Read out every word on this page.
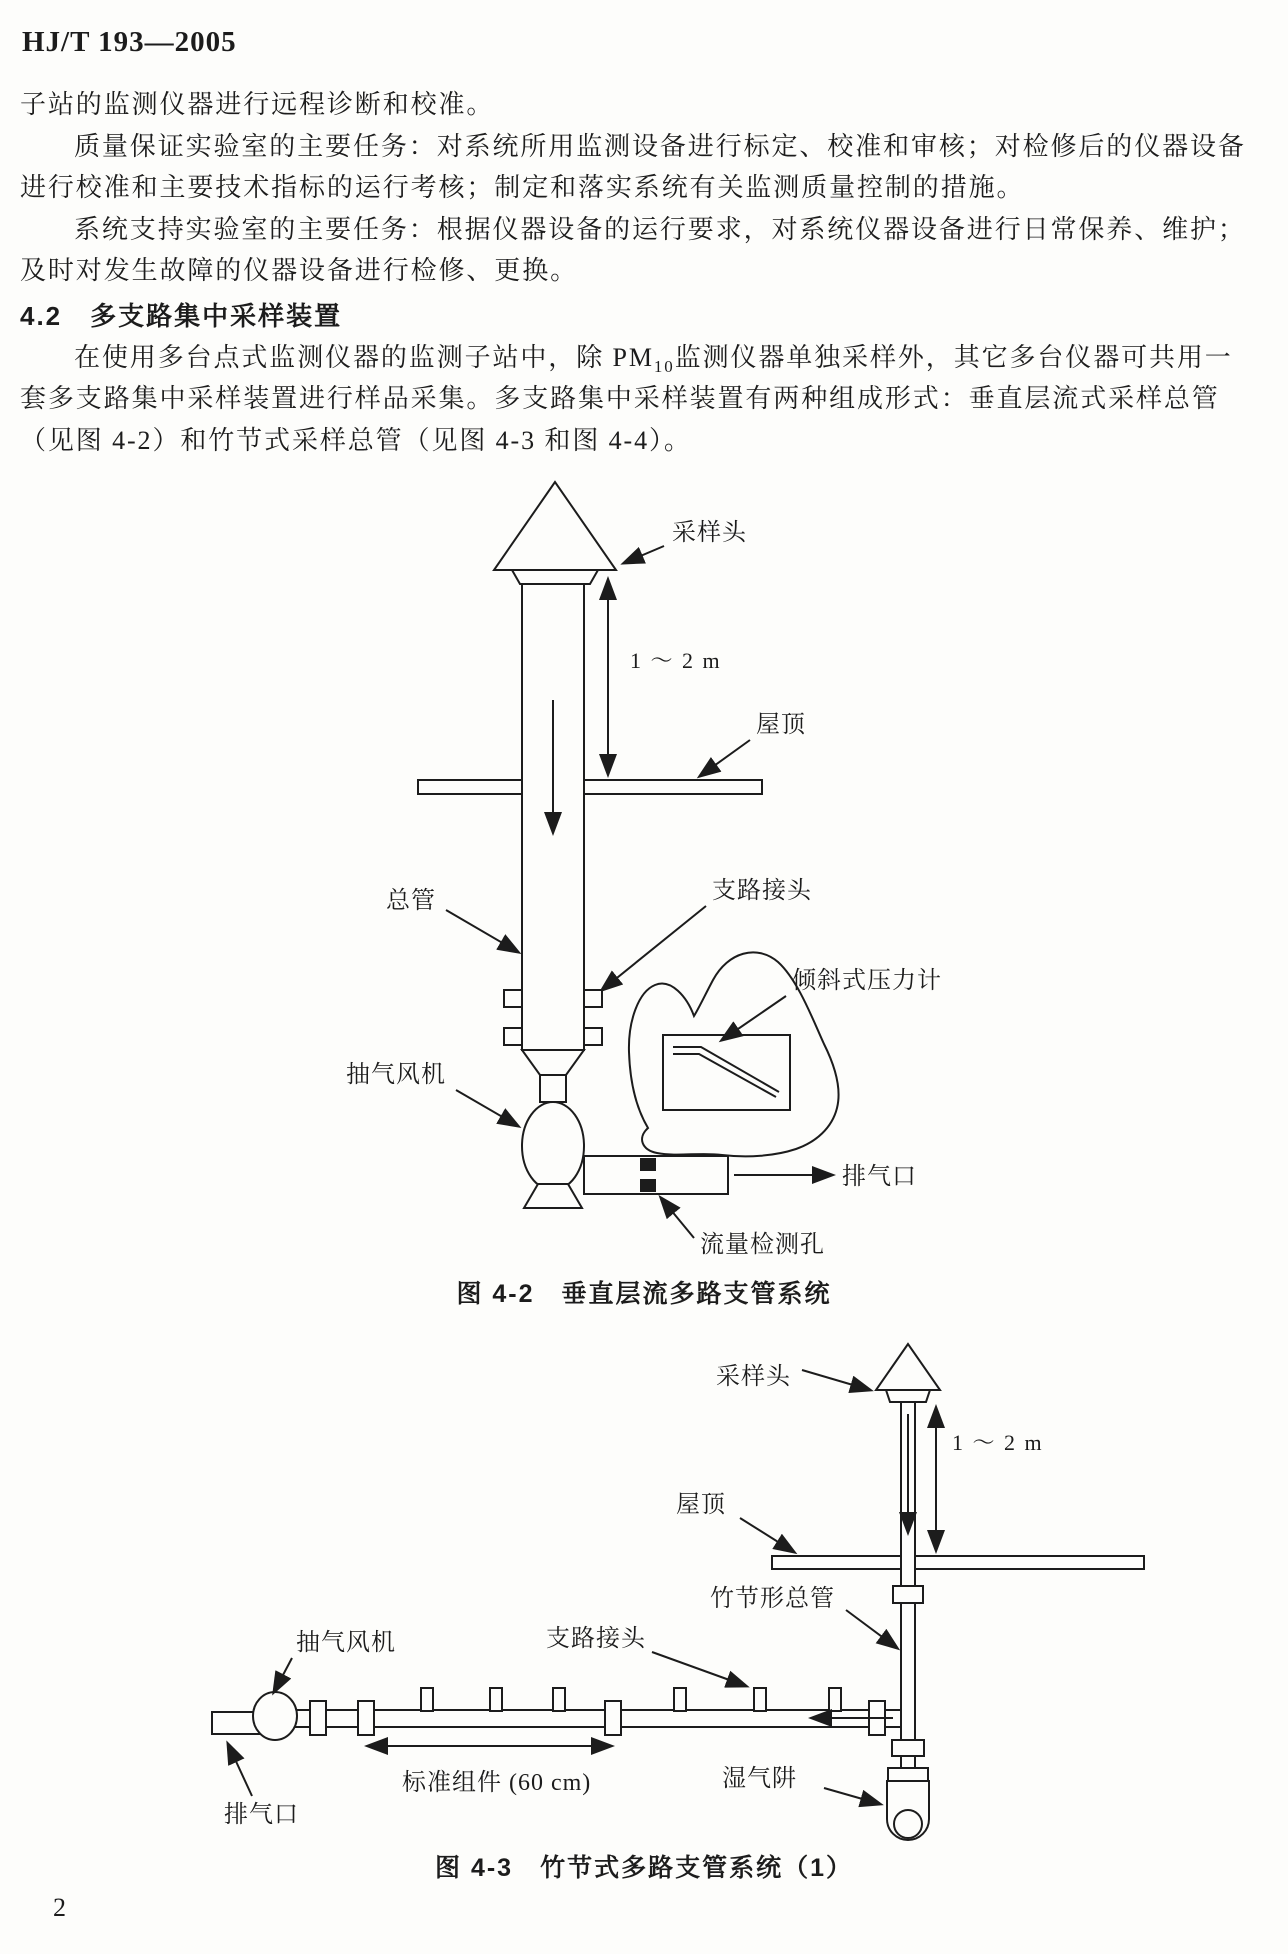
HJ/T 193—2005
子站的监测仪器进行远程诊断和校准。
质量保证实验室的主要任务：对系统所用监测设备进行标定、校准和审核；对检修后的仪器设备
进行校准和主要技术指标的运行考核；制定和落实系统有关监测质量控制的措施。
系统支持实验室的主要任务：根据仪器设备的运行要求，对系统仪器设备进行日常保养、维护；
及时对发生故障的仪器设备进行检修、更换。
4.2　多支路集中采样装置
在使用多台点式监测仪器的监测子站中，除 $PM_{10}$监测仪器单独采样外，其它多台仪器可共用一
套多支路集中采样装置进行样品采集。多支路集中采样装置有两种组成形式：垂直层流式采样总管
（见图 4-2）和竹节式采样总管（见图 4-3 和图 4-4）。
1 ～ 2 m
采样头
屋顶
总管	支路接头
倾斜式压力计
抽气风机
排气口
流量检测孔
图 4-2　垂直层流多路支管系统
采样头
屋顶
1 ～ 2 m
竹节形总管
抽气风机
排气口
支路接头
标准组件 (60 cm)	湿气阱
图 4-3　竹节式多路支管系统（1）
2
